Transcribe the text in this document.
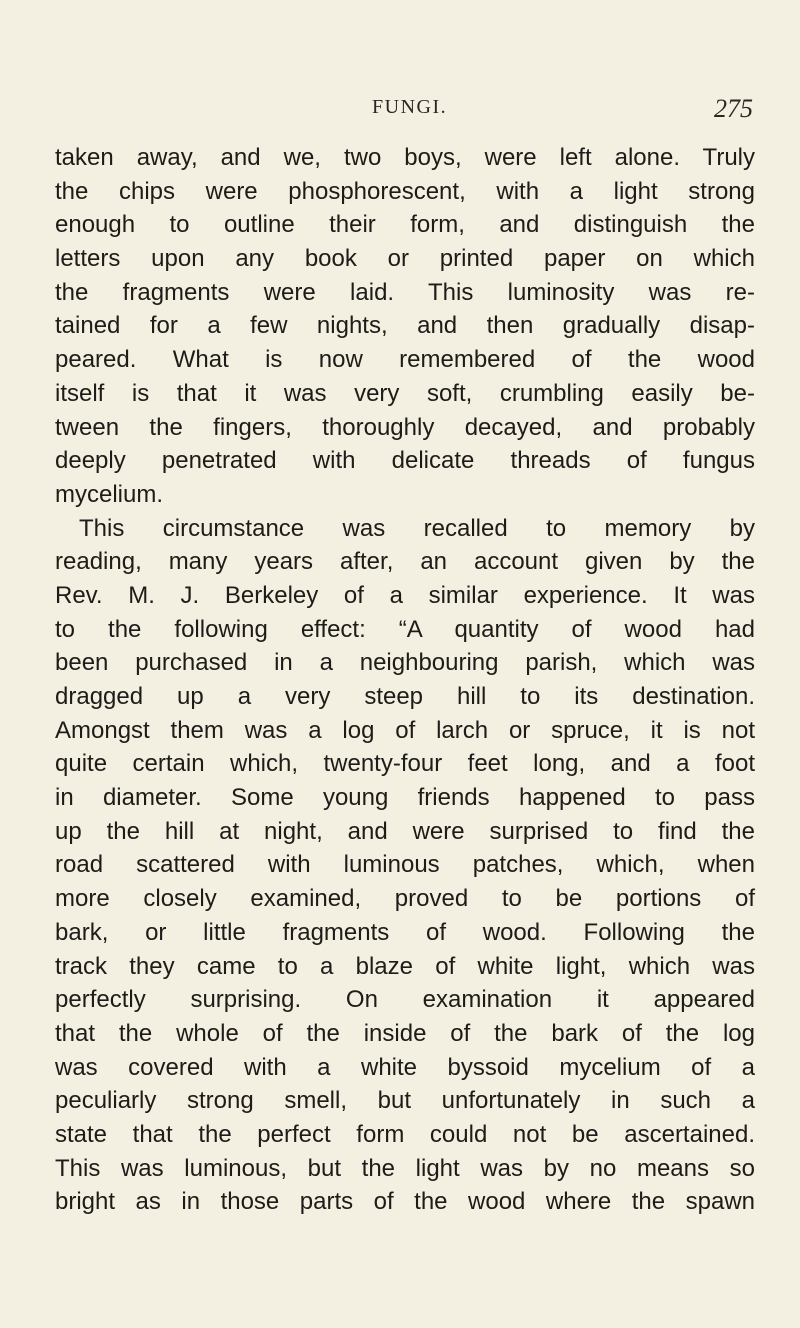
FUNGI.	275
taken away, and we, two boys, were left alone. Truly
the chips were phosphorescent, with a light strong
enough to outline their form, and distinguish the
letters upon any book or printed paper on which
the fragments were laid. This luminosity was re-
tained for a few nights, and then gradually disap-
peared. What is now remembered of the wood
itself is that it was very soft, crumbling easily be-
tween the fingers, thoroughly decayed, and probably
deeply penetrated with delicate threads of fungus
mycelium.
This circumstance was recalled to memory by
reading, many years after, an account given by the
Rev. M. J. Berkeley of a similar experience. It was
to the following effect: “A quantity of wood had
been purchased in a neighbouring parish, which was
dragged up a very steep hill to its destination.
Amongst them was a log of larch or spruce, it is not
quite certain which, twenty-four feet long, and a foot
in diameter. Some young friends happened to pass
up the hill at night, and were surprised to find the
road scattered with luminous patches, which, when
more closely examined, proved to be portions of
bark, or little fragments of wood. Following the
track they came to a blaze of white light, which was
perfectly surprising. On examination it appeared
that the whole of the inside of the bark of the log
was covered with a white byssoid mycelium of a
peculiarly strong smell, but unfortunately in such a
state that the perfect form could not be ascertained.
This was luminous, but the light was by no means so
bright as in those parts of the wood where the spawn
